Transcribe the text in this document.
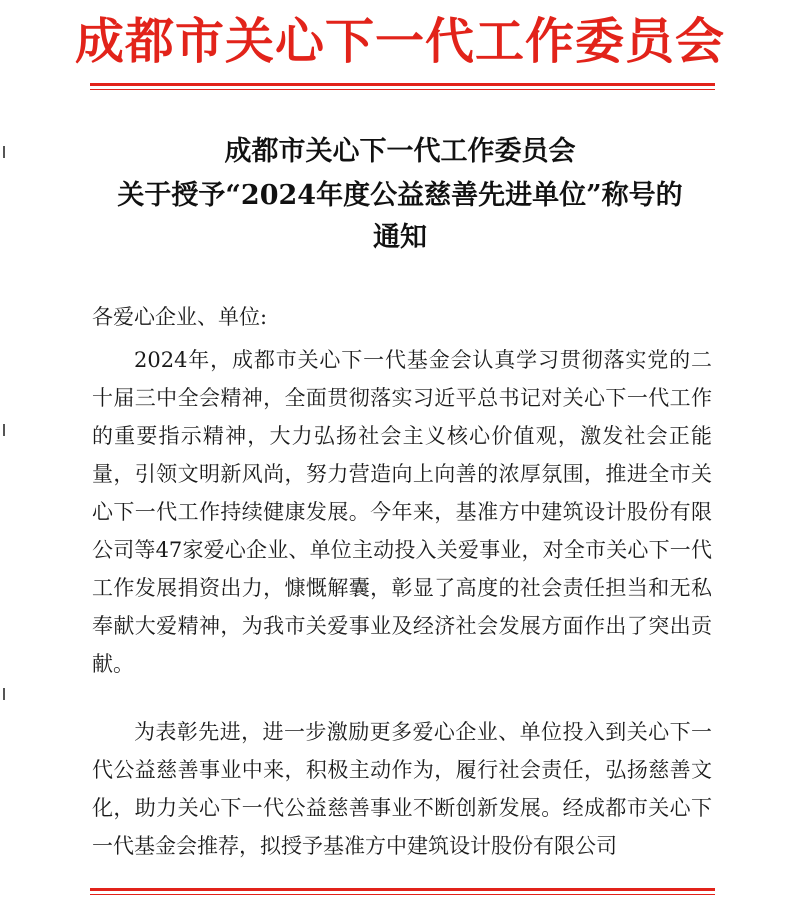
成都市关心下一代工作委员会
成都市关心下一代工作委员会
关于授予“2024年度公益慈善先进单位”称号的
通知
各爱心企业、单位:
2024年，成都市关心下一代基金会认真学习贯彻落实党的二十届三中全会精神，全面贯彻落实习近平总书记对关心下一代工作的重要指示精神，大力弘扬社会主义核心价值观，激发社会正能量，引领文明新风尚，努力营造向上向善的浓厚氛围，推进全市关心下一代工作持续健康发展。今年来，基准方中建筑设计股份有限公司等47家爱心企业、单位主动投入关爱事业，对全市关心下一代工作发展捐资出力，慷慨解囊，彰显了高度的社会责任担当和无私奉献大爱精神，为我市关爱事业及经济社会发展方面作出了突出贡献。
为表彰先进，进一步激励更多爱心企业、单位投入到关心下一代公益慈善事业中来，积极主动作为，履行社会责任，弘扬慈善文化，助力关心下一代公益慈善事业不断创新发展。经成都市关心下一代基金会推荐，拟授予基准方中建筑设计股份有限公司
